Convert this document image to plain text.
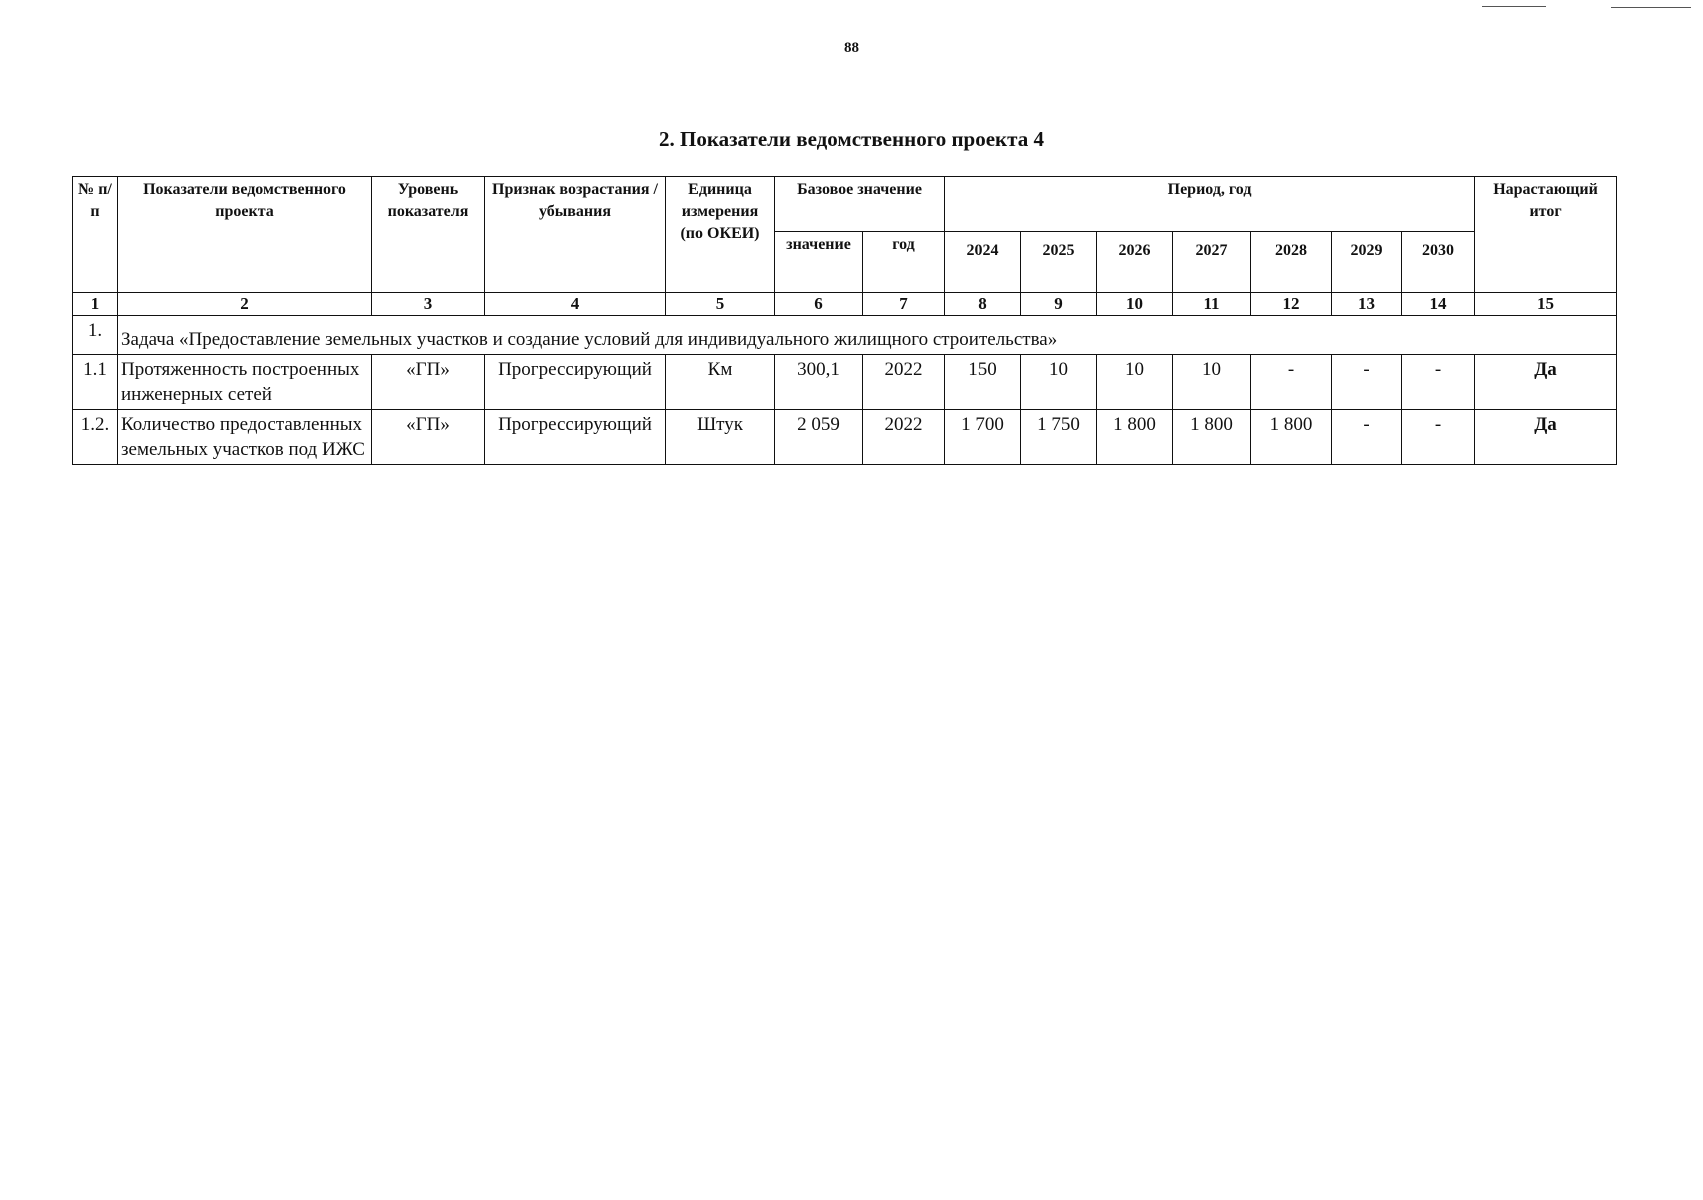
88
2. Показатели ведомственного проекта 4
№ п/п	Показатели ведомственного проекта	Уровень показателя	Признак возрастания / убывания	Единица измерения (по ОКЕИ)	Базовое значение		Период, год							Нарастающий итог
					значение	год	2024	2025	2026	2027	2028	2029	2030	
1	2	3	4	5	6	7	8	9	10	11	12	13	14	15
1.	Задача «Предоставление земельных участков и создание условий для индивидуального жилищного строительства»													
1.1	Протяженность построенных инженерных сетей	«ГП»	Прогрессирующий	Км	300,1	2022	150	10	10	10	-	-	-	Да
1.2.	Количество предоставленных земельных участков под ИЖС	«ГП»	Прогрессирующий	Штук	2 059	2022	1 700	1 750	1 800	1 800	1 800	-	-	Да
